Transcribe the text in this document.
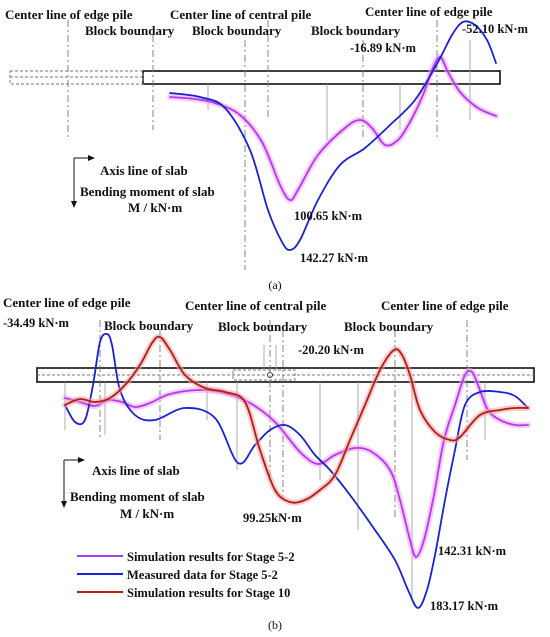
Center line of edge pile
Block boundary
Center line of central pile
Block boundary Block boundary
Center line of edge pile
-52.10 kN·m
-16.89 kN·m
100.65 kN·m
142.27 kN·m
Axis line of slab
Bending moment of slab
M / kN·m
(a)
Center line of edge pile
Block boundary
Center line of central pile
Block boundary	Block boundary
Center line of edge pile
-34.49 kN·m
-20.20 kN·m
99.25kN·m
142.31 kN·m
183.17 kN·m
Axis line of slab
Bending moment of slab
M / kN·m
Simulation results for Stage 5-2
Measured data for Stage 5-2
Simulation results for Stage 10
(b)
